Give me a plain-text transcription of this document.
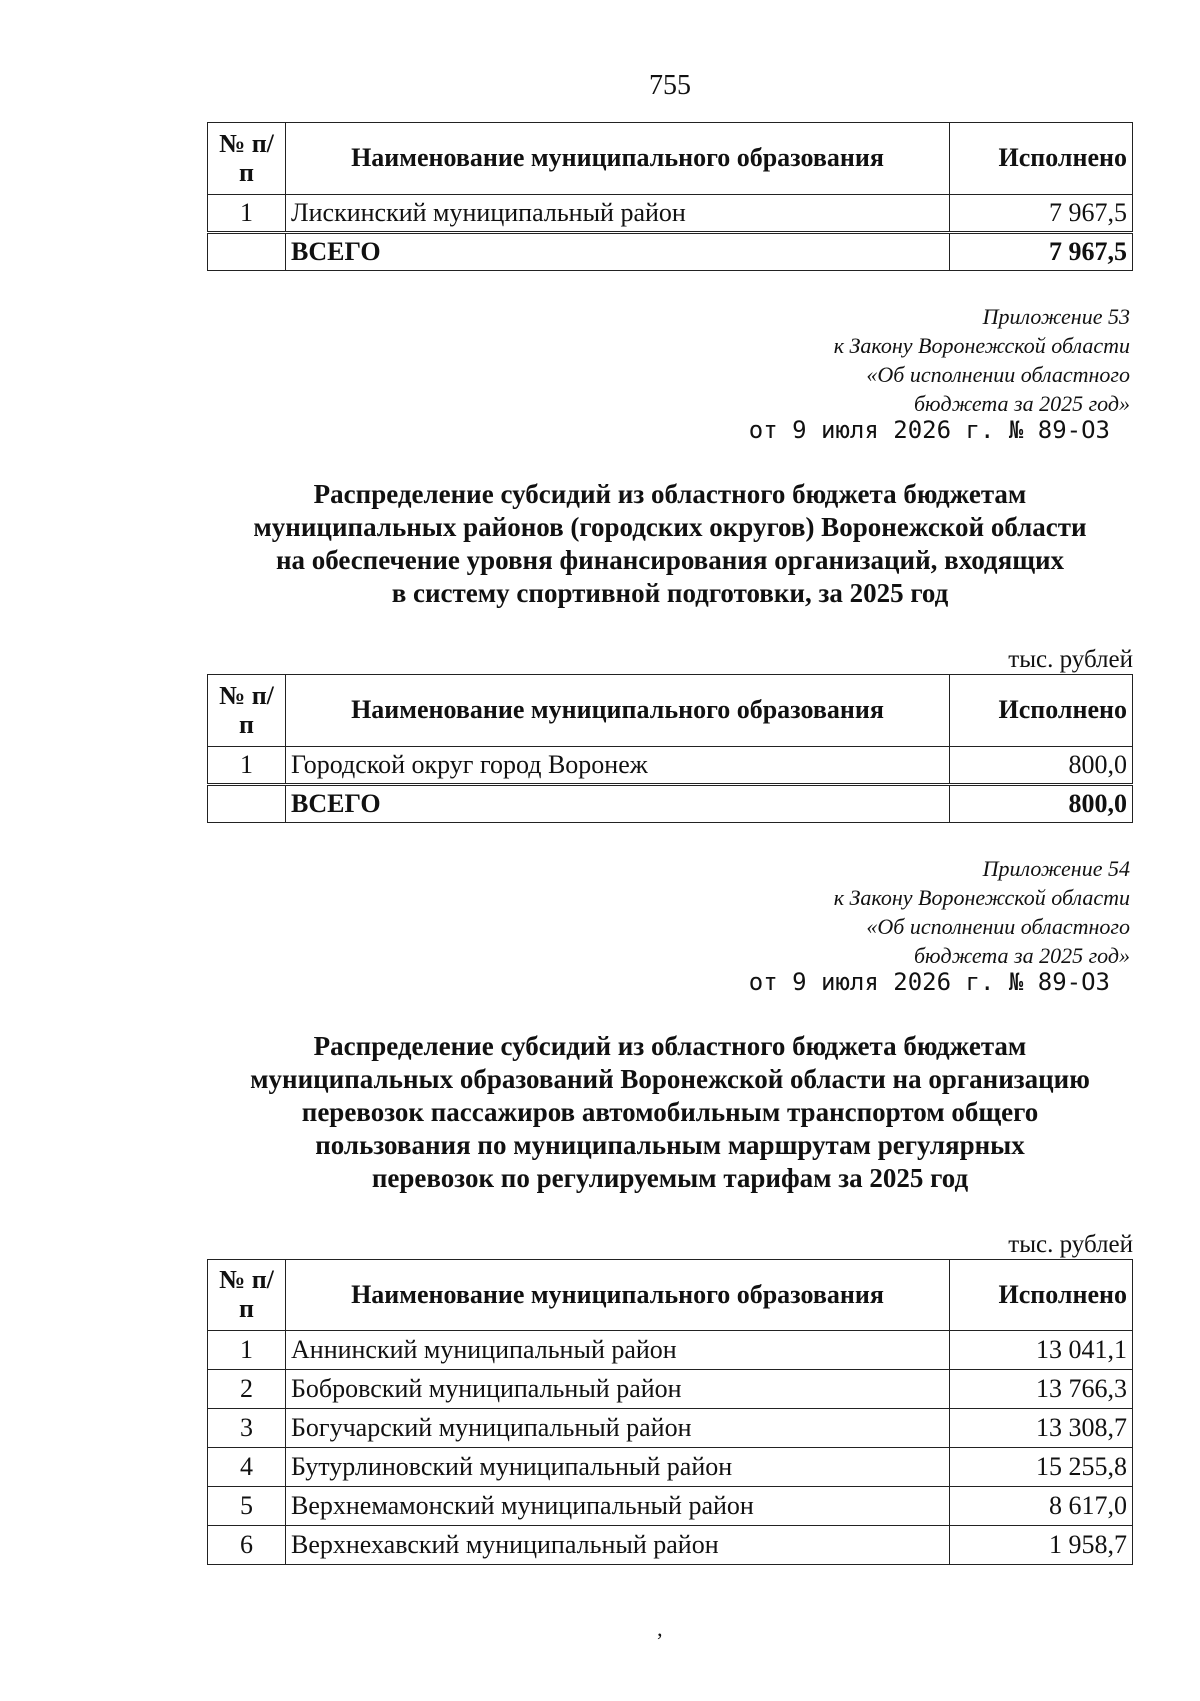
755
№ п/п	Наименование муниципального образования	Исполнено
1	Лискинский муниципальный район	7 967,5
	ВСЕГО	7 967,5
Приложение 53
к Закону Воронежской области
«Об исполнении областного
бюджета за 2025 год»
от 9 июля 2026 г. № 89-ОЗ
Распределение субсидий из областного бюджета бюджетам
муниципальных районов (городских округов) Воронежской области
на обеспечение уровня финансирования организаций, входящих
в систему спортивной подготовки, за 2025 год
тыс. рублей
№ п/п	Наименование муниципального образования	Исполнено
1	Городской округ город Воронеж	800,0
	ВСЕГО	800,0
Приложение 54
к Закону Воронежской области
«Об исполнении областного
бюджета за 2025 год»
от 9 июля 2026 г. № 89-ОЗ
Распределение субсидий из областного бюджета бюджетам
муниципальных образований Воронежской области на организацию
перевозок пассажиров автомобильным транспортом общего
пользования по муниципальным маршрутам регулярных
перевозок по регулируемым тарифам за 2025 год
тыс. рублей
№ п/п	Наименование муниципального образования	Исполнено
1	Аннинский муниципальный район	13 041,1
2	Бобровский муниципальный район	13 766,3
3	Богучарский муниципальный район	13 308,7
4	Бутурлиновский муниципальный район	15 255,8
5	Верхнемамонский муниципальный район	8 617,0
6	Верхнехавский муниципальный район	1 958,7
‚
